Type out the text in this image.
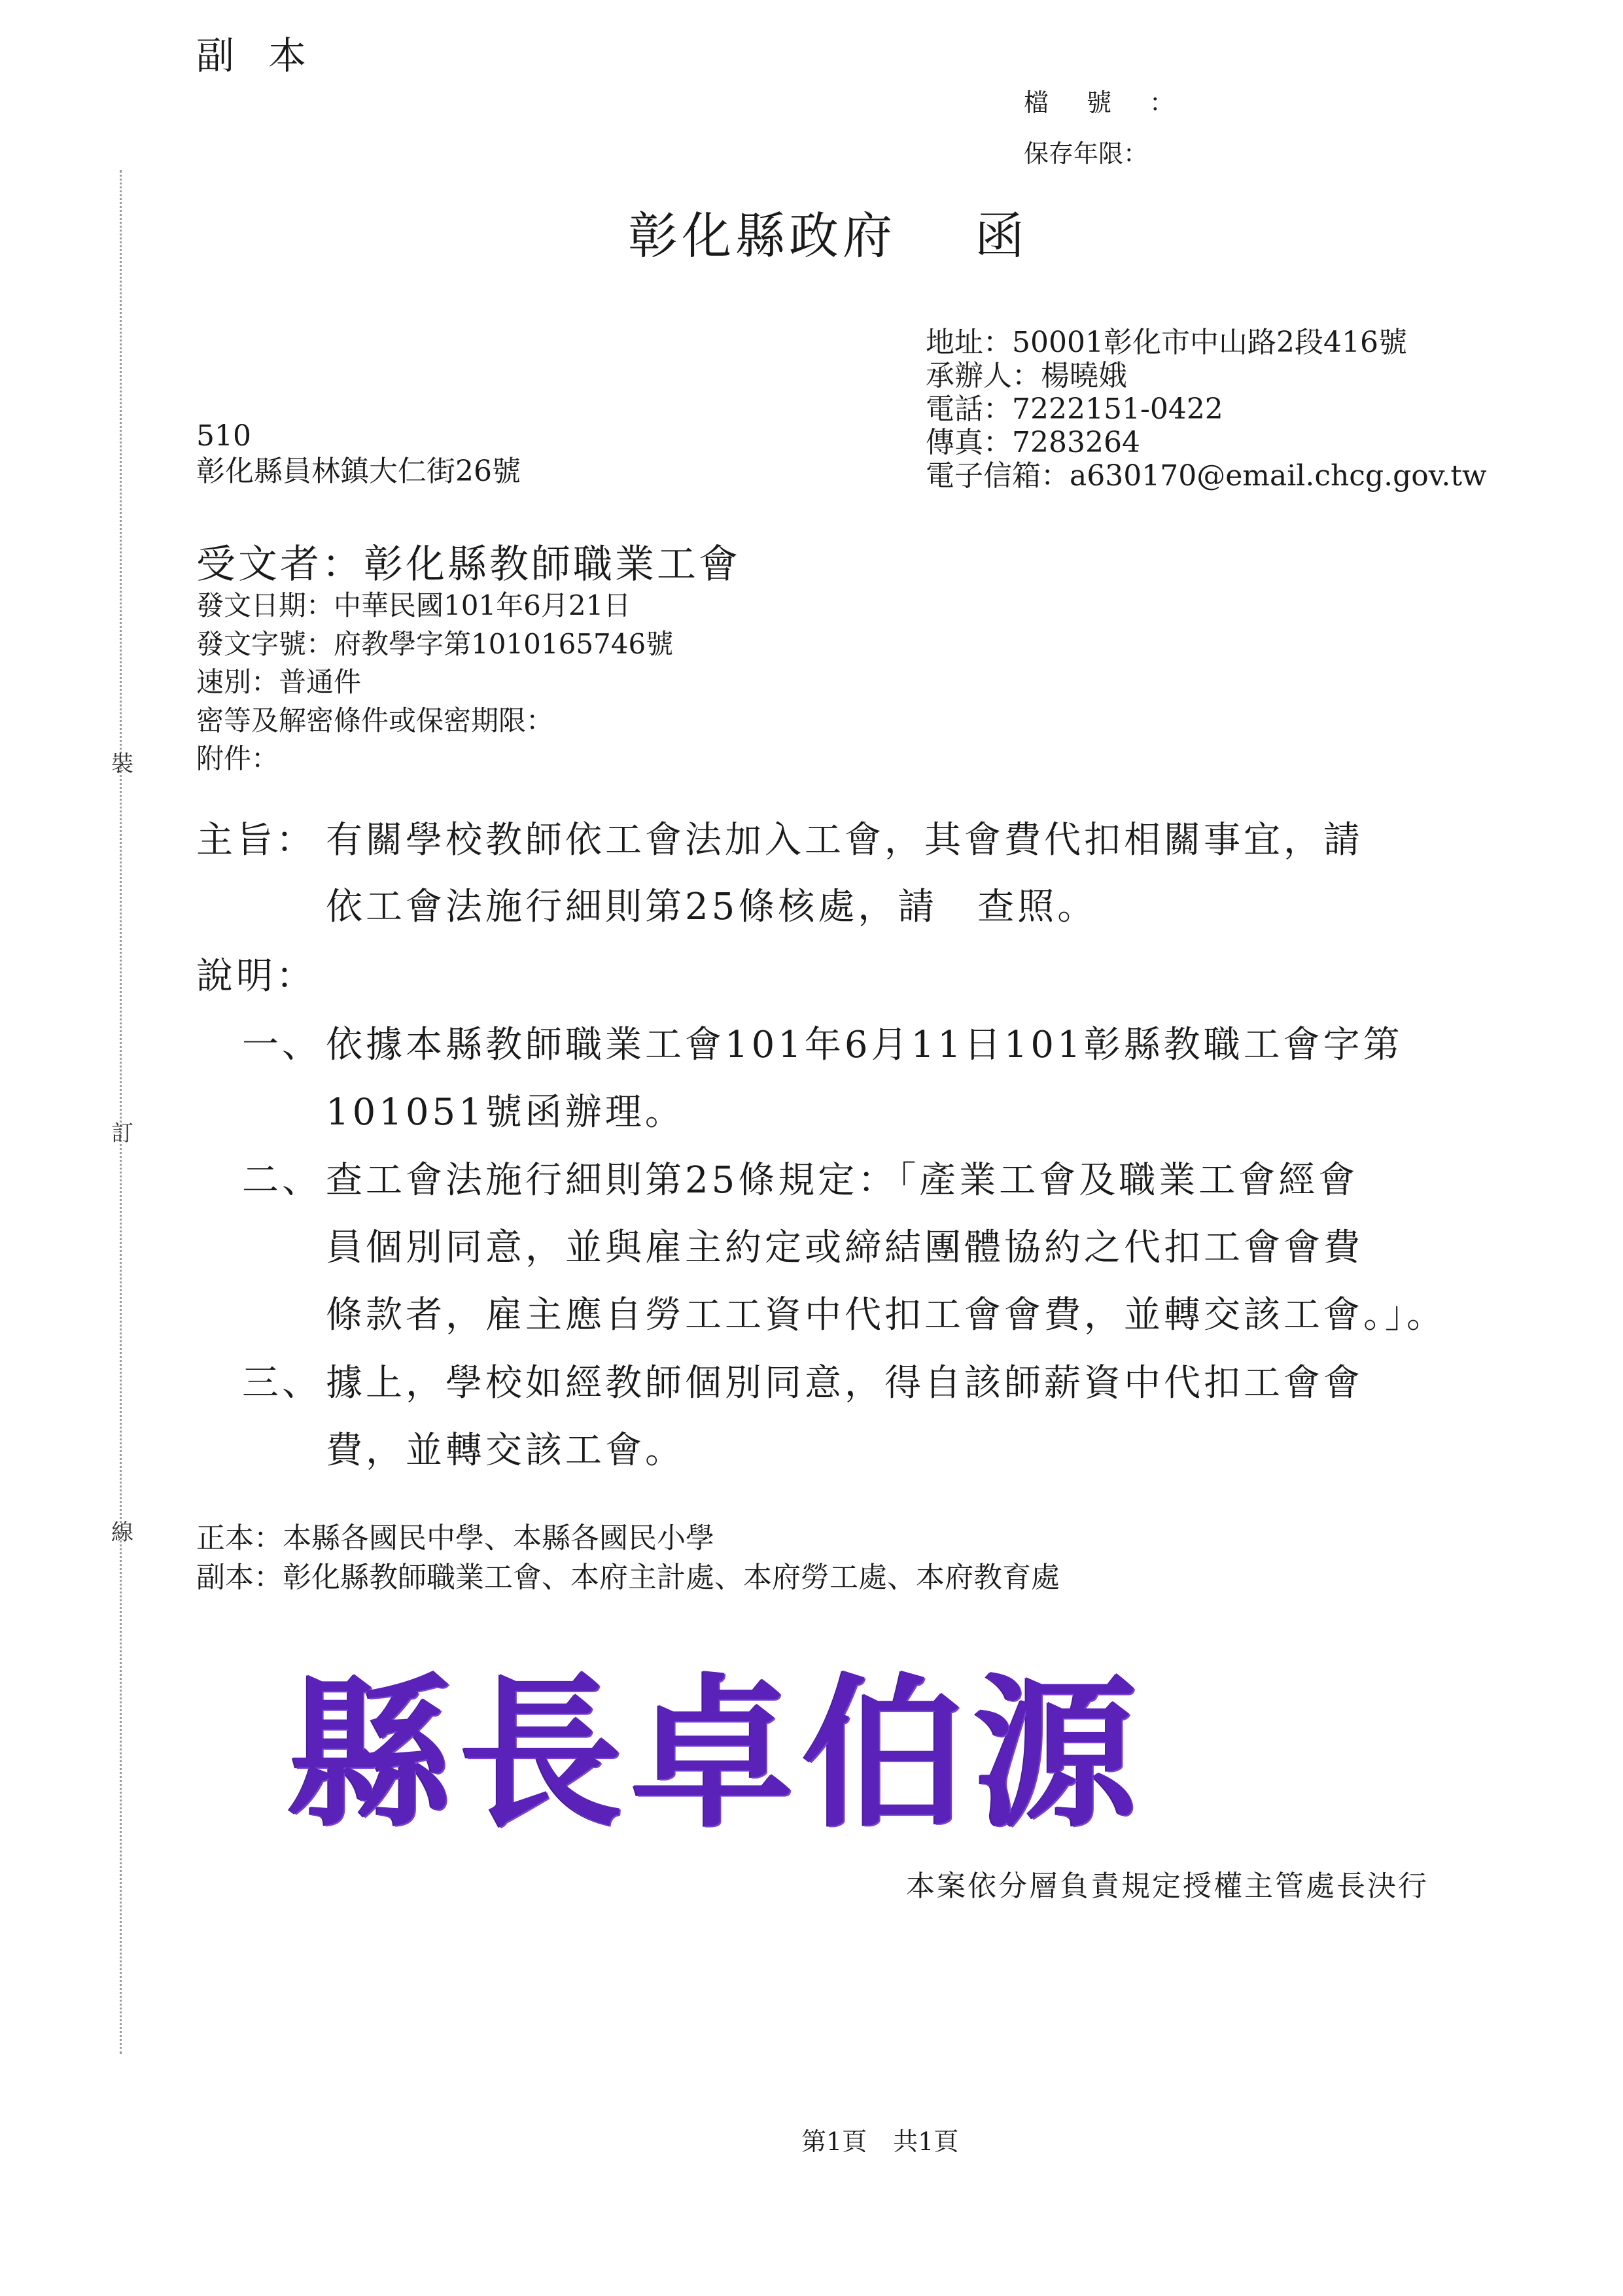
副本
檔號：
保存年限：
裝
訂
線
彰化縣政府 函
地址：50001彰化市中山路2段416號
承辦人：楊曉娥
電話：7222151-0422
傳真：7283264
電子信箱：a630170@email.chcg.gov.tw
510
彰化縣員林鎮大仁街26號
受文者：彰化縣教師職業工會
發文日期：中華民國101年6月21日
發文字號：府教學字第1010165746號
速別：普通件
密等及解密條件或保密期限：
附件：
主旨： 有關學校教師依工會法加入工會，其會費代扣相關事宜，請
依工會法施行細則第25條核處，請　查照。
說明：
一、 依據本縣教師職業工會101年6月11日101彰縣教職工會字第
101051號函辦理。
二、 查工會法施行細則第25條規定：「產業工會及職業工會經會
員個別同意，並與雇主約定或締結團體協約之代扣工會會費
條款者，雇主應自勞工工資中代扣工會會費，並轉交該工會。」。
三、 據上，學校如經教師個別同意，得自該師薪資中代扣工會會
費，並轉交該工會。
正本：本縣各國民中學、本縣各國民小學
副本：彰化縣教師職業工會、本府主計處、本府勞工處、本府教育處
縣長卓伯源
本案依分層負責規定授權主管處長決行
第1頁 共1頁
